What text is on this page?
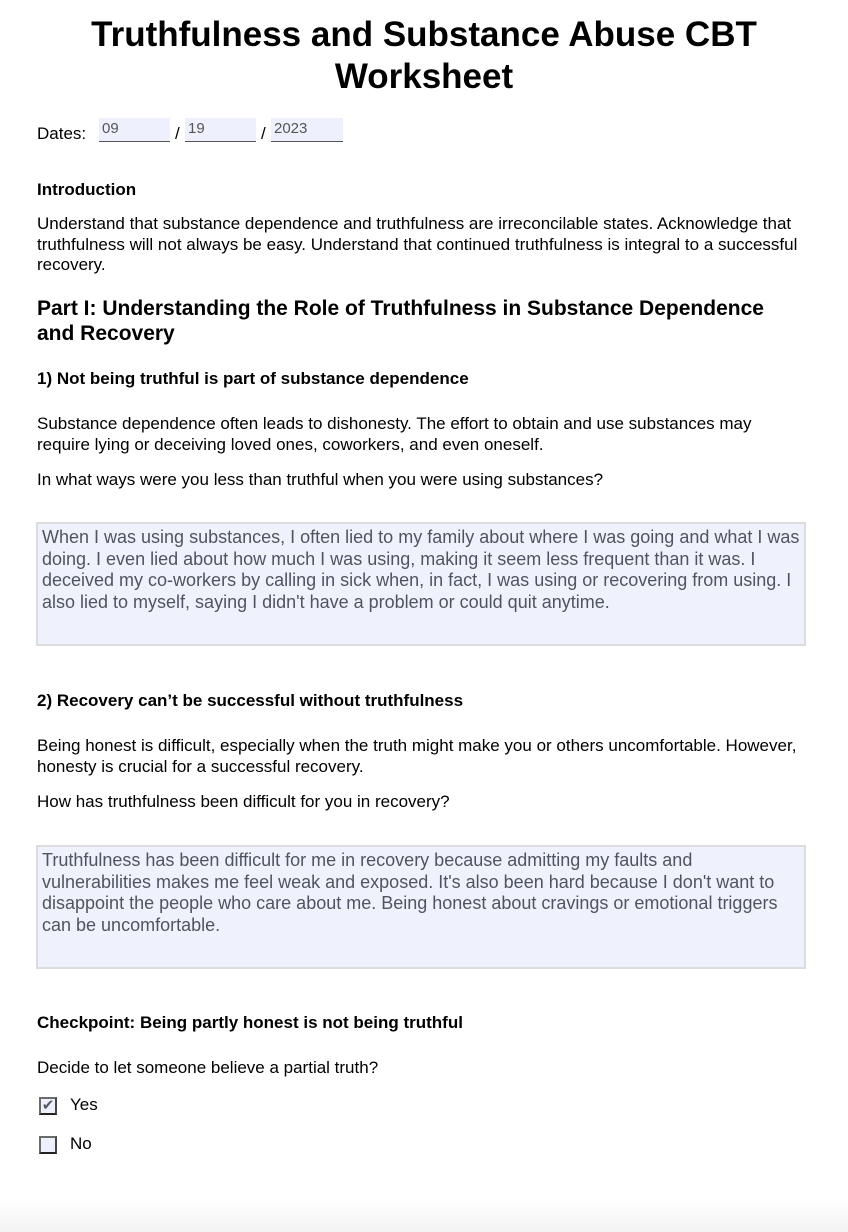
Truthfulness and Substance Abuse CBT Worksheet
Dates: 09	/ 19	/ 2023
Introduction
Understand that substance dependence and truthfulness are irreconcilable states. Acknowledge that truthfulness will not always be easy. Understand that continued truthfulness is integral to a successful recovery.
Part I: Understanding the Role of Truthfulness in Substance Dependence and Recovery
1) Not being truthful is part of substance dependence
Substance dependence often leads to dishonesty. The effort to obtain and use substances may require lying or deceiving loved ones, coworkers, and even oneself.
In what ways were you less than truthful when you were using substances?
When I was using substances, I often lied to my family about where I was going and what I was doing. I even lied about how much I was using, making it seem less frequent than it was. I deceived my co-workers by calling in sick when, in fact, I was using or recovering from using. I also lied to myself, saying I didn't have a problem or could quit anytime.
2) Recovery can’t be successful without truthfulness
Being honest is difficult, especially when the truth might make you or others uncomfortable. However, honesty is crucial for a successful recovery.
How has truthfulness been difficult for you in recovery?
Truthfulness has been difficult for me in recovery because admitting my faults and vulnerabilities makes me feel weak and exposed. It's also been hard because I don't want to disappoint the people who care about me. Being honest about cravings or emotional triggers can be uncomfortable.
Checkpoint: Being partly honest is not being truthful
Decide to let someone believe a partial truth?
✔ Yes
No
